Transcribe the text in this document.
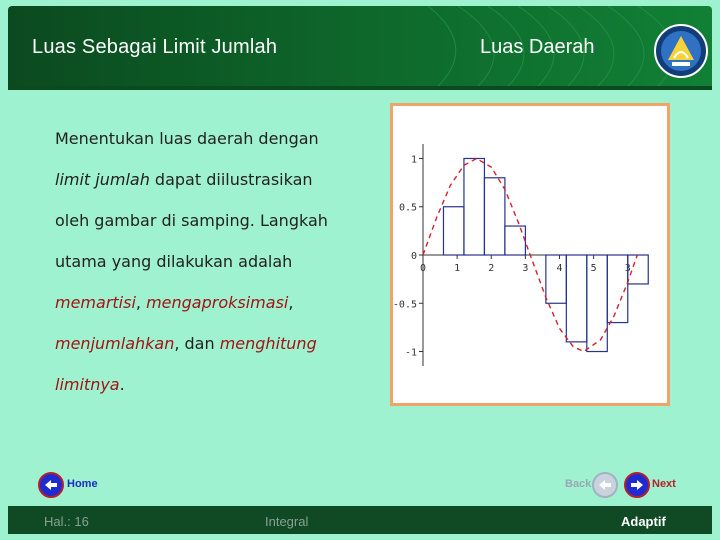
Luas Sebagai Limit Jumlah	Luas Daerah
Menentukan luas daerah dengan
limit jumlah dapat diilustrasikan
oleh gambar di samping. Langkah
utama yang dilakukan adalah
memartisi, mengaproksimasi,
menjumlahkan, dan menghitung
limitnya.
1
0.5
0
-0.5
-1
0	1	2	3	4	5	3
Home	Back	Next
Hal.: 16	Integral	Adaptif
